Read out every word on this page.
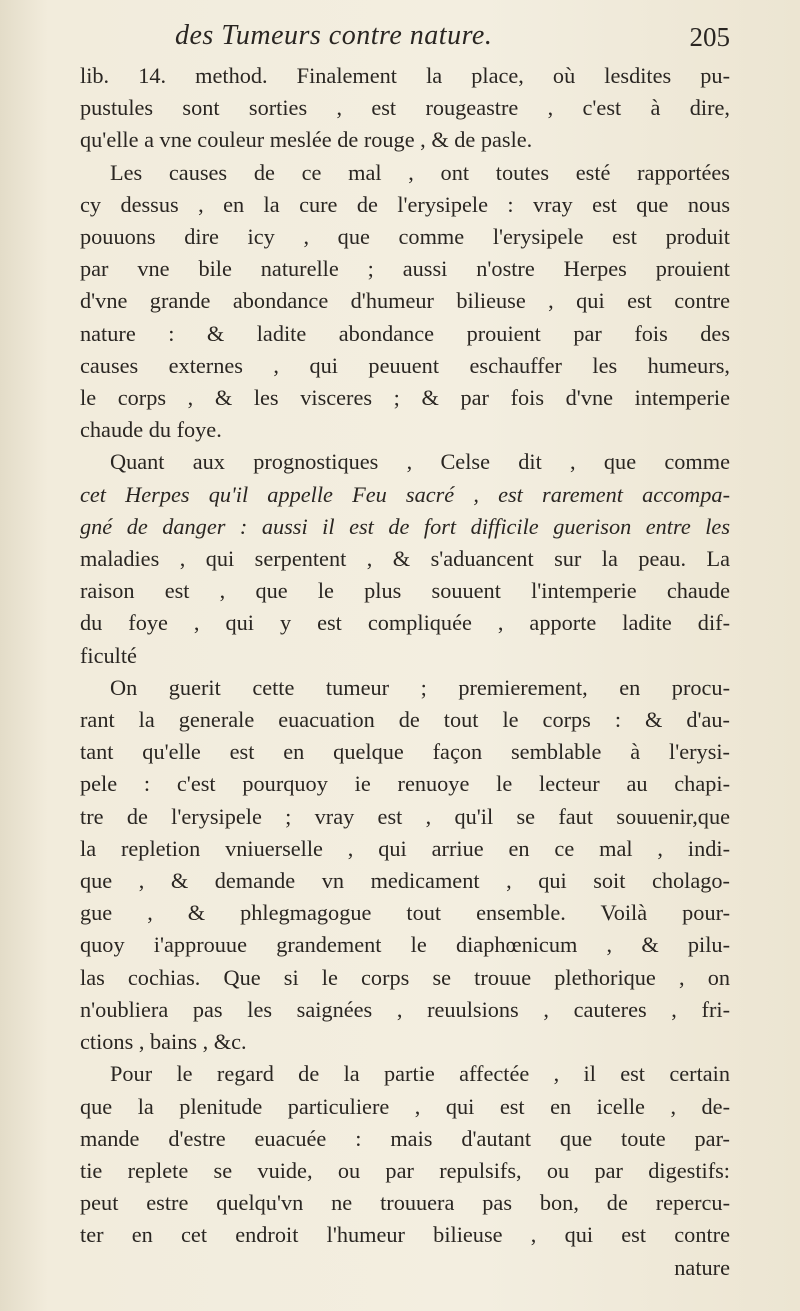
des Tumeurs contre nature.	205
lib. 14. method. Finalement la place, où lesdites pu-
pustules sont sorties , est rougeastre , c'est à dire,
qu'elle a vne couleur meslée de rouge , & de pasle.
Les causes de ce mal , ont toutes esté rapportées
cy dessus , en la cure de l'erysipele : vray est que nous
pouuons dire icy , que comme l'erysipele est produit
par vne bile naturelle ; aussi n'ostre Herpes prouient
d'vne grande abondance d'humeur bilieuse , qui est contre
nature : & ladite abondance prouient par fois des
causes externes , qui peuuent eschauffer les humeurs,
le corps , & les visceres ; & par fois d'vne intemperie
chaude du foye.
Quant aux prognostiques , Celse dit , que comme
cet Herpes qu'il appelle Feu sacré , est rarement accompa-
gné de danger : aussi il est de fort difficile guerison entre les
maladies , qui serpentent , & s'aduancent sur la peau. La
raison est , que le plus souuent l'intemperie chaude
du foye , qui y est compliquée , apporte ladite dif-
ficulté
On guerit cette tumeur ; premierement, en procu-
rant la generale euacuation de tout le corps : & d'au-
tant qu'elle est en quelque façon semblable à l'erysi-
pele : c'est pourquoy ie renuoye le lecteur au chapi-
tre de l'erysipele ; vray est , qu'il se faut souuenir,que
la repletion vniuerselle , qui arriue en ce mal , indi-
que , & demande vn medicament , qui soit cholago-
gue , & phlegmagogue tout ensemble. Voilà pour-
quoy i'approuue grandement le diaphœnicum , & pilu-
las cochias. Que si le corps se trouue plethorique , on
n'oubliera pas les saignées , reuulsions , cauteres , fri-
ctions , bains , &c.
Pour le regard de la partie affectée , il est certain
que la plenitude particuliere , qui est en icelle , de-
mande d'estre euacuée : mais d'autant que toute par-
tie replete se vuide, ou par repulsifs, ou par digestifs:
peut estre quelqu'vn ne trouuera pas bon, de repercu-
ter en cet endroit l'humeur bilieuse , qui est contre
nature
